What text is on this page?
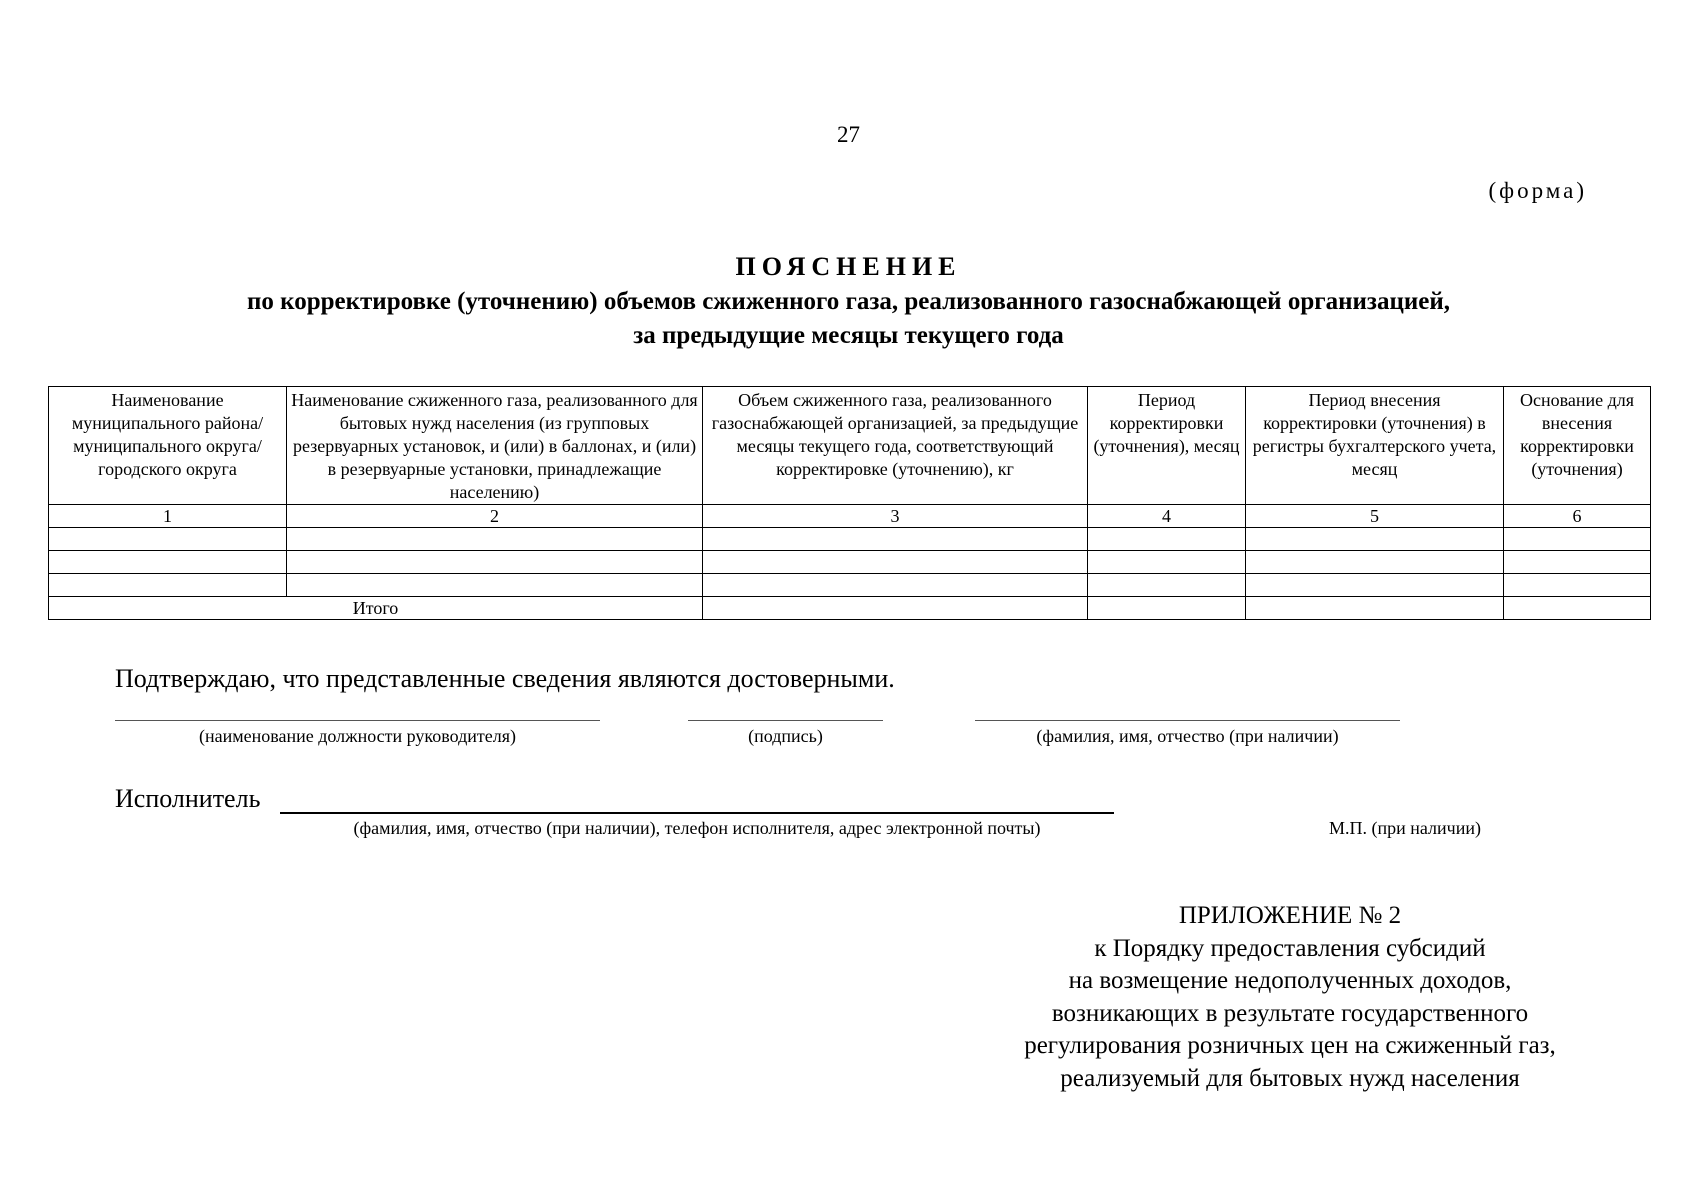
27
(форма)
ПОЯСНЕНИЕ
по корректировке (уточнению) объемов сжиженного газа, реализованного газоснабжающей организацией,
за предыдущие месяцы текущего года
Наименование муниципального района/ муниципального округа/ городского округа	Наименование сжиженного газа, реализованного для бытовых нужд населения (из групповых резервуарных установок, и (или) в баллонах, и (или) в резервуарные установки, принадлежащие населению)	Объем сжиженного газа, реализованного газоснабжающей организацией, за предыдущие месяцы текущего года, соответствующий корректировке (уточнению), кг	Период корректировки (уточнения), месяц	Период внесения корректировки (уточнения) в регистры бухгалтерского учета, месяц	Основание для внесения корректировки (уточнения)
1	2	3	4	5	6

Итого					
Подтверждаю, что представленные сведения являются достоверными.
(наименование должности руководителя)	(подпись)	(фамилия, имя, отчество (при наличии)
Исполнитель
(фамилия, имя, отчество (при наличии), телефон исполнителя, адрес электронной почты)	М.П. (при наличии)
ПРИЛОЖЕНИЕ № 2
к Порядку предоставления субсидий
на возмещение недополученных доходов,
возникающих в результате государственного
регулирования розничных цен на сжиженный газ,
реализуемый для бытовых нужд населения
